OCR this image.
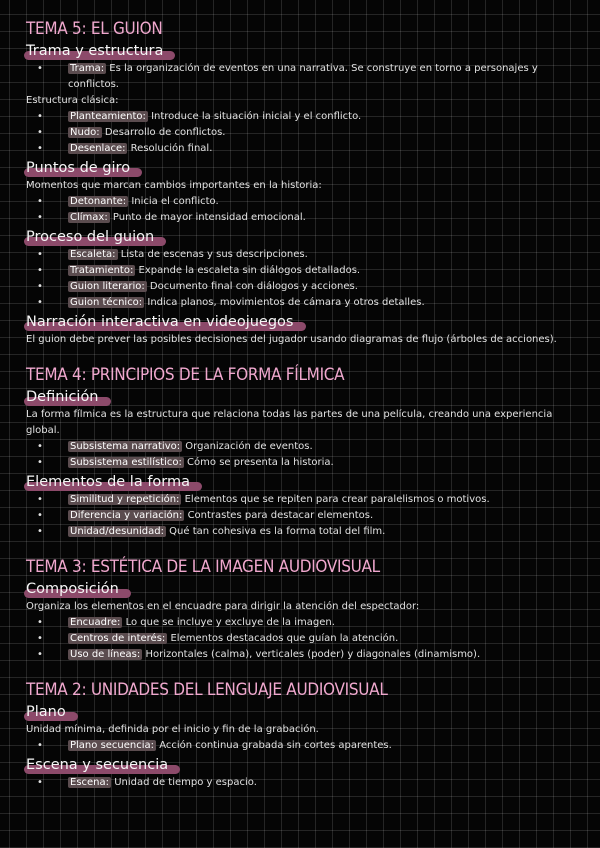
TEMA 5: EL GUION
Trama y estructura
• Trama: Es la organización de eventos en una narrativa. Se construye en torno a personajes y conflictos.

Estructura clásica:

• Planteamiento: Introduce la situación inicial y el conflicto.
• Nudo: Desarrollo de conflictos.
• Desenlace: Resolución final.
Puntos de giro

Momentos que marcan cambios importantes en la historia:

• Detonante: Inicia el conflicto.
• Clímax: Punto de mayor intensidad emocional.
Proceso del guion
• Escaleta: Lista de escenas y sus descripciones.
• Tratamiento: Expande la escaleta sin diálogos detallados.
• Guion literario: Documento final con diálogos y acciones.
• Guion técnico: Indica planos, movimientos de cámara y otros detalles.
Narración interactiva en videojuegos

El guion debe prever las posibles decisiones del jugador usando diagramas de flujo (árboles de acciones).

TEMA 4: PRINCIPIOS DE LA FORMA FÍLMICA
Definición

La forma fílmica es la estructura que relaciona todas las partes de una película, creando una experiencia global.

• Subsistema narrativo: Organización de eventos.
• Subsistema estilístico: Cómo se presenta la historia.
Elementos de la forma
• Similitud y repetición: Elementos que se repiten para crear paralelismos o motivos.
• Diferencia y variación: Contrastes para destacar elementos.
• Unidad/desunidad: Qué tan cohesiva es la forma total del film.
TEMA 3: ESTÉTICA DE LA IMAGEN AUDIOVISUAL
Composición

Organiza los elementos en el encuadre para dirigir la atención del espectador:

• Encuadre: Lo que se incluye y excluye de la imagen.
• Centros de interés: Elementos destacados que guían la atención.
• Uso de líneas: Horizontales (calma), verticales (poder) y diagonales (dinamismo).
TEMA 2: UNIDADES DEL LENGUAJE AUDIOVISUAL
Plano

Unidad mínima, definida por el inicio y fin de la grabación.

• Plano secuencia: Acción continua grabada sin cortes aparentes.
Escena y secuencia
• Escena: Unidad de tiempo y espacio.
